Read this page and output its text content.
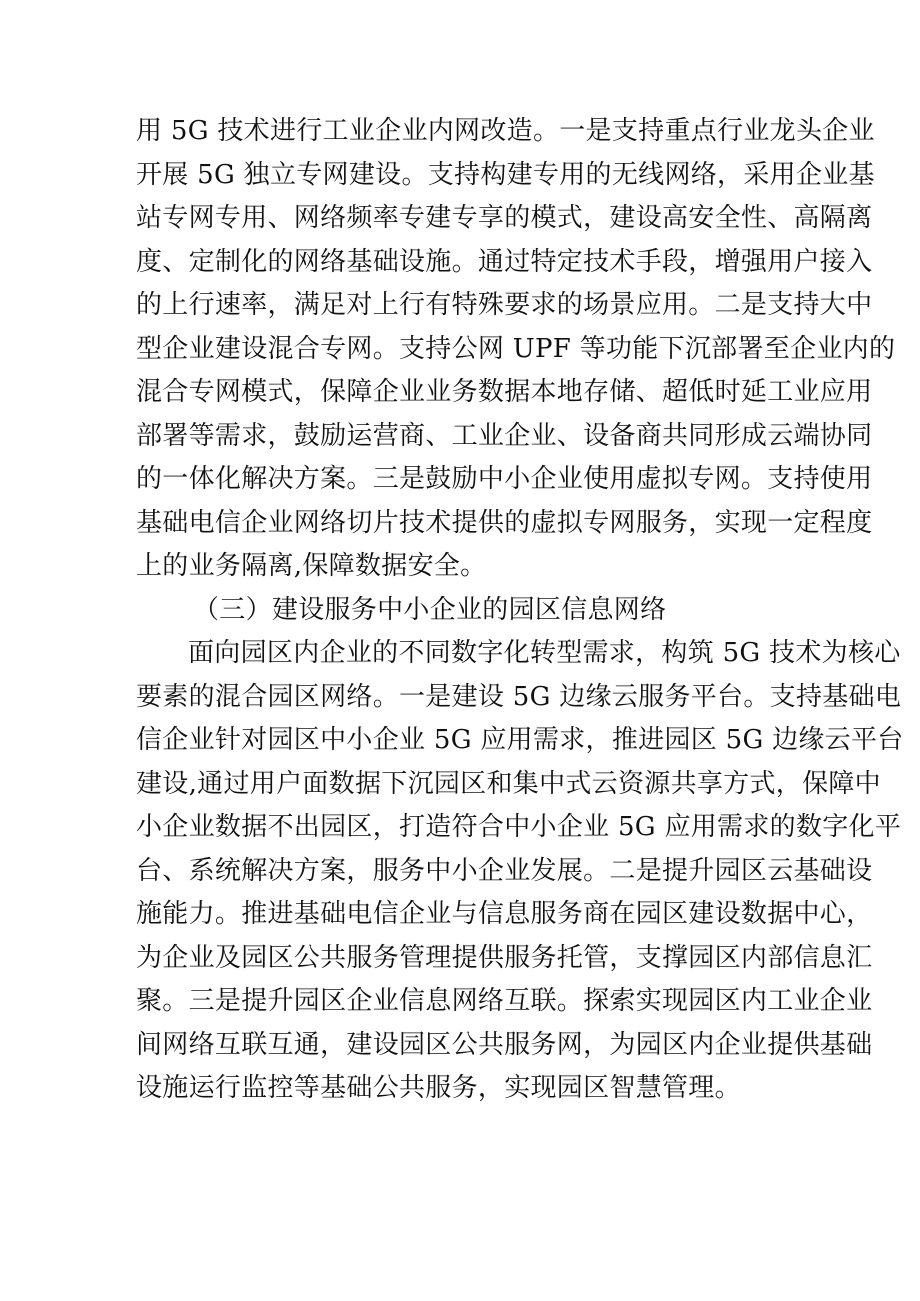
用 5G 技术进行工业企业内网改造。一是支持重点行业龙头企业
开展 5G 独立专网建设。支持构建专用的无线网络，采用企业基
站专网专用、网络频率专建专享的模式，建设高安全性、高隔离
度、定制化的网络基础设施。通过特定技术手段，增强用户接入
的上行速率，满足对上行有特殊要求的场景应用。二是支持大中
型企业建设混合专网。支持公网 UPF 等功能下沉部署至企业内的
混合专网模式，保障企业业务数据本地存储、超低时延工业应用
部署等需求，鼓励运营商、工业企业、设备商共同形成云端协同
的一体化解决方案。三是鼓励中小企业使用虚拟专网。支持使用
基础电信企业网络切片技术提供的虚拟专网服务，实现一定程度
上的业务隔离,保障数据安全。
（三）建设服务中小企业的园区信息网络
面向园区内企业的不同数字化转型需求，构筑 5G 技术为核心
要素的混合园区网络。一是建设 5G 边缘云服务平台。支持基础电
信企业针对园区中小企业 5G 应用需求，推进园区 5G 边缘云平台
建设,通过用户面数据下沉园区和集中式云资源共享方式，保障中
小企业数据不出园区，打造符合中小企业 5G 应用需求的数字化平
台、系统解决方案，服务中小企业发展。二是提升园区云基础设
施能力。推进基础电信企业与信息服务商在园区建设数据中心，
为企业及园区公共服务管理提供服务托管，支撑园区内部信息汇
聚。三是提升园区企业信息网络互联。探索实现园区内工业企业
间网络互联互通，建设园区公共服务网，为园区内企业提供基础
设施运行监控等基础公共服务，实现园区智慧管理。
